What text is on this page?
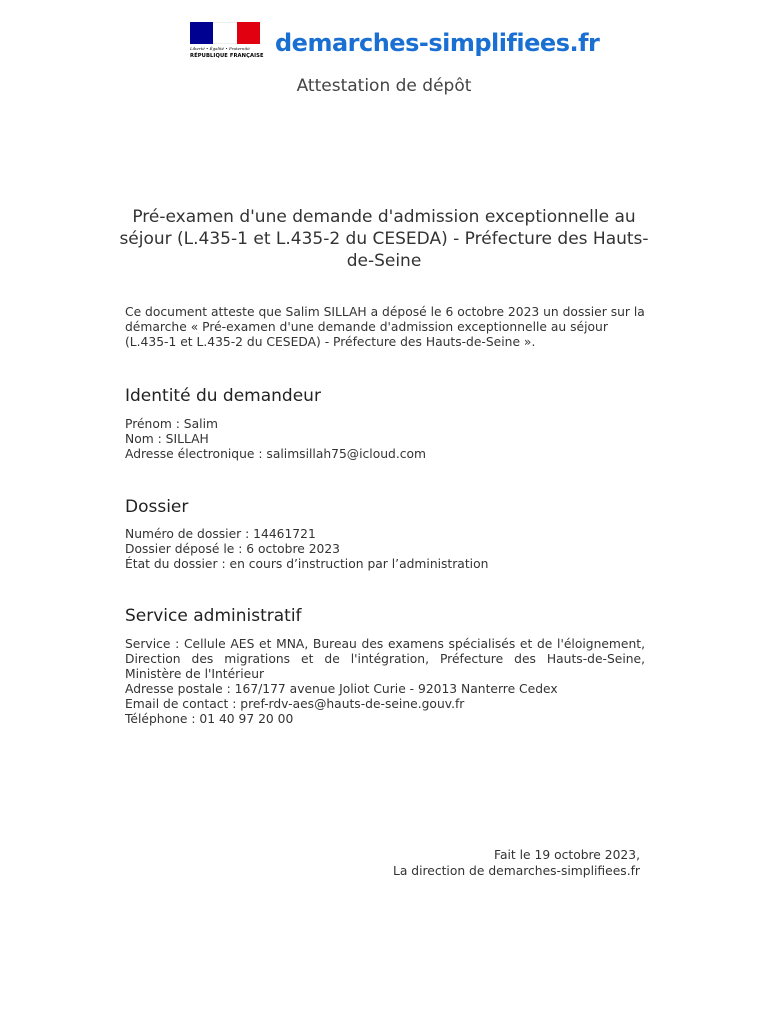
Liberté • Égalité • Fraternité
RÉPUBLIQUE FRANÇAISE demarches-simplifiees.fr
Attestation de dépôt
Pré-examen d'une demande d'admission exceptionnelle au séjour (L.435-1 et L.435-2 du CESEDA) - Préfecture des Hauts-de-Seine
Ce document atteste que Salim SILLAH a déposé le 6 octobre 2023 un dossier sur la démarche « Pré-examen d'une demande d'admission exceptionnelle au séjour (L.435-1 et L.435-2 du CESEDA) - Préfecture des Hauts-de-Seine ».
Identité du demandeur
Prénom : Salim
Nom : SILLAH
Adresse électronique : salimsillah75@icloud.com
Dossier
Numéro de dossier : 14461721
Dossier déposé le : 6 octobre 2023
État du dossier : en cours d’instruction par l’administration
Service administratif
Service : Cellule AES et MNA, Bureau des examens spécialisés et de l'éloignement, Direction des migrations et de l'intégration, Préfecture des Hauts-de-Seine, Ministère de l'Intérieur
Adresse postale : 167/177 avenue Joliot Curie - 92013 Nanterre Cedex
Email de contact : pref-rdv-aes@hauts-de-seine.gouv.fr
Téléphone : 01 40 97 20 00
Fait le 19 octobre 2023,
La direction de demarches-simplifiees.fr
